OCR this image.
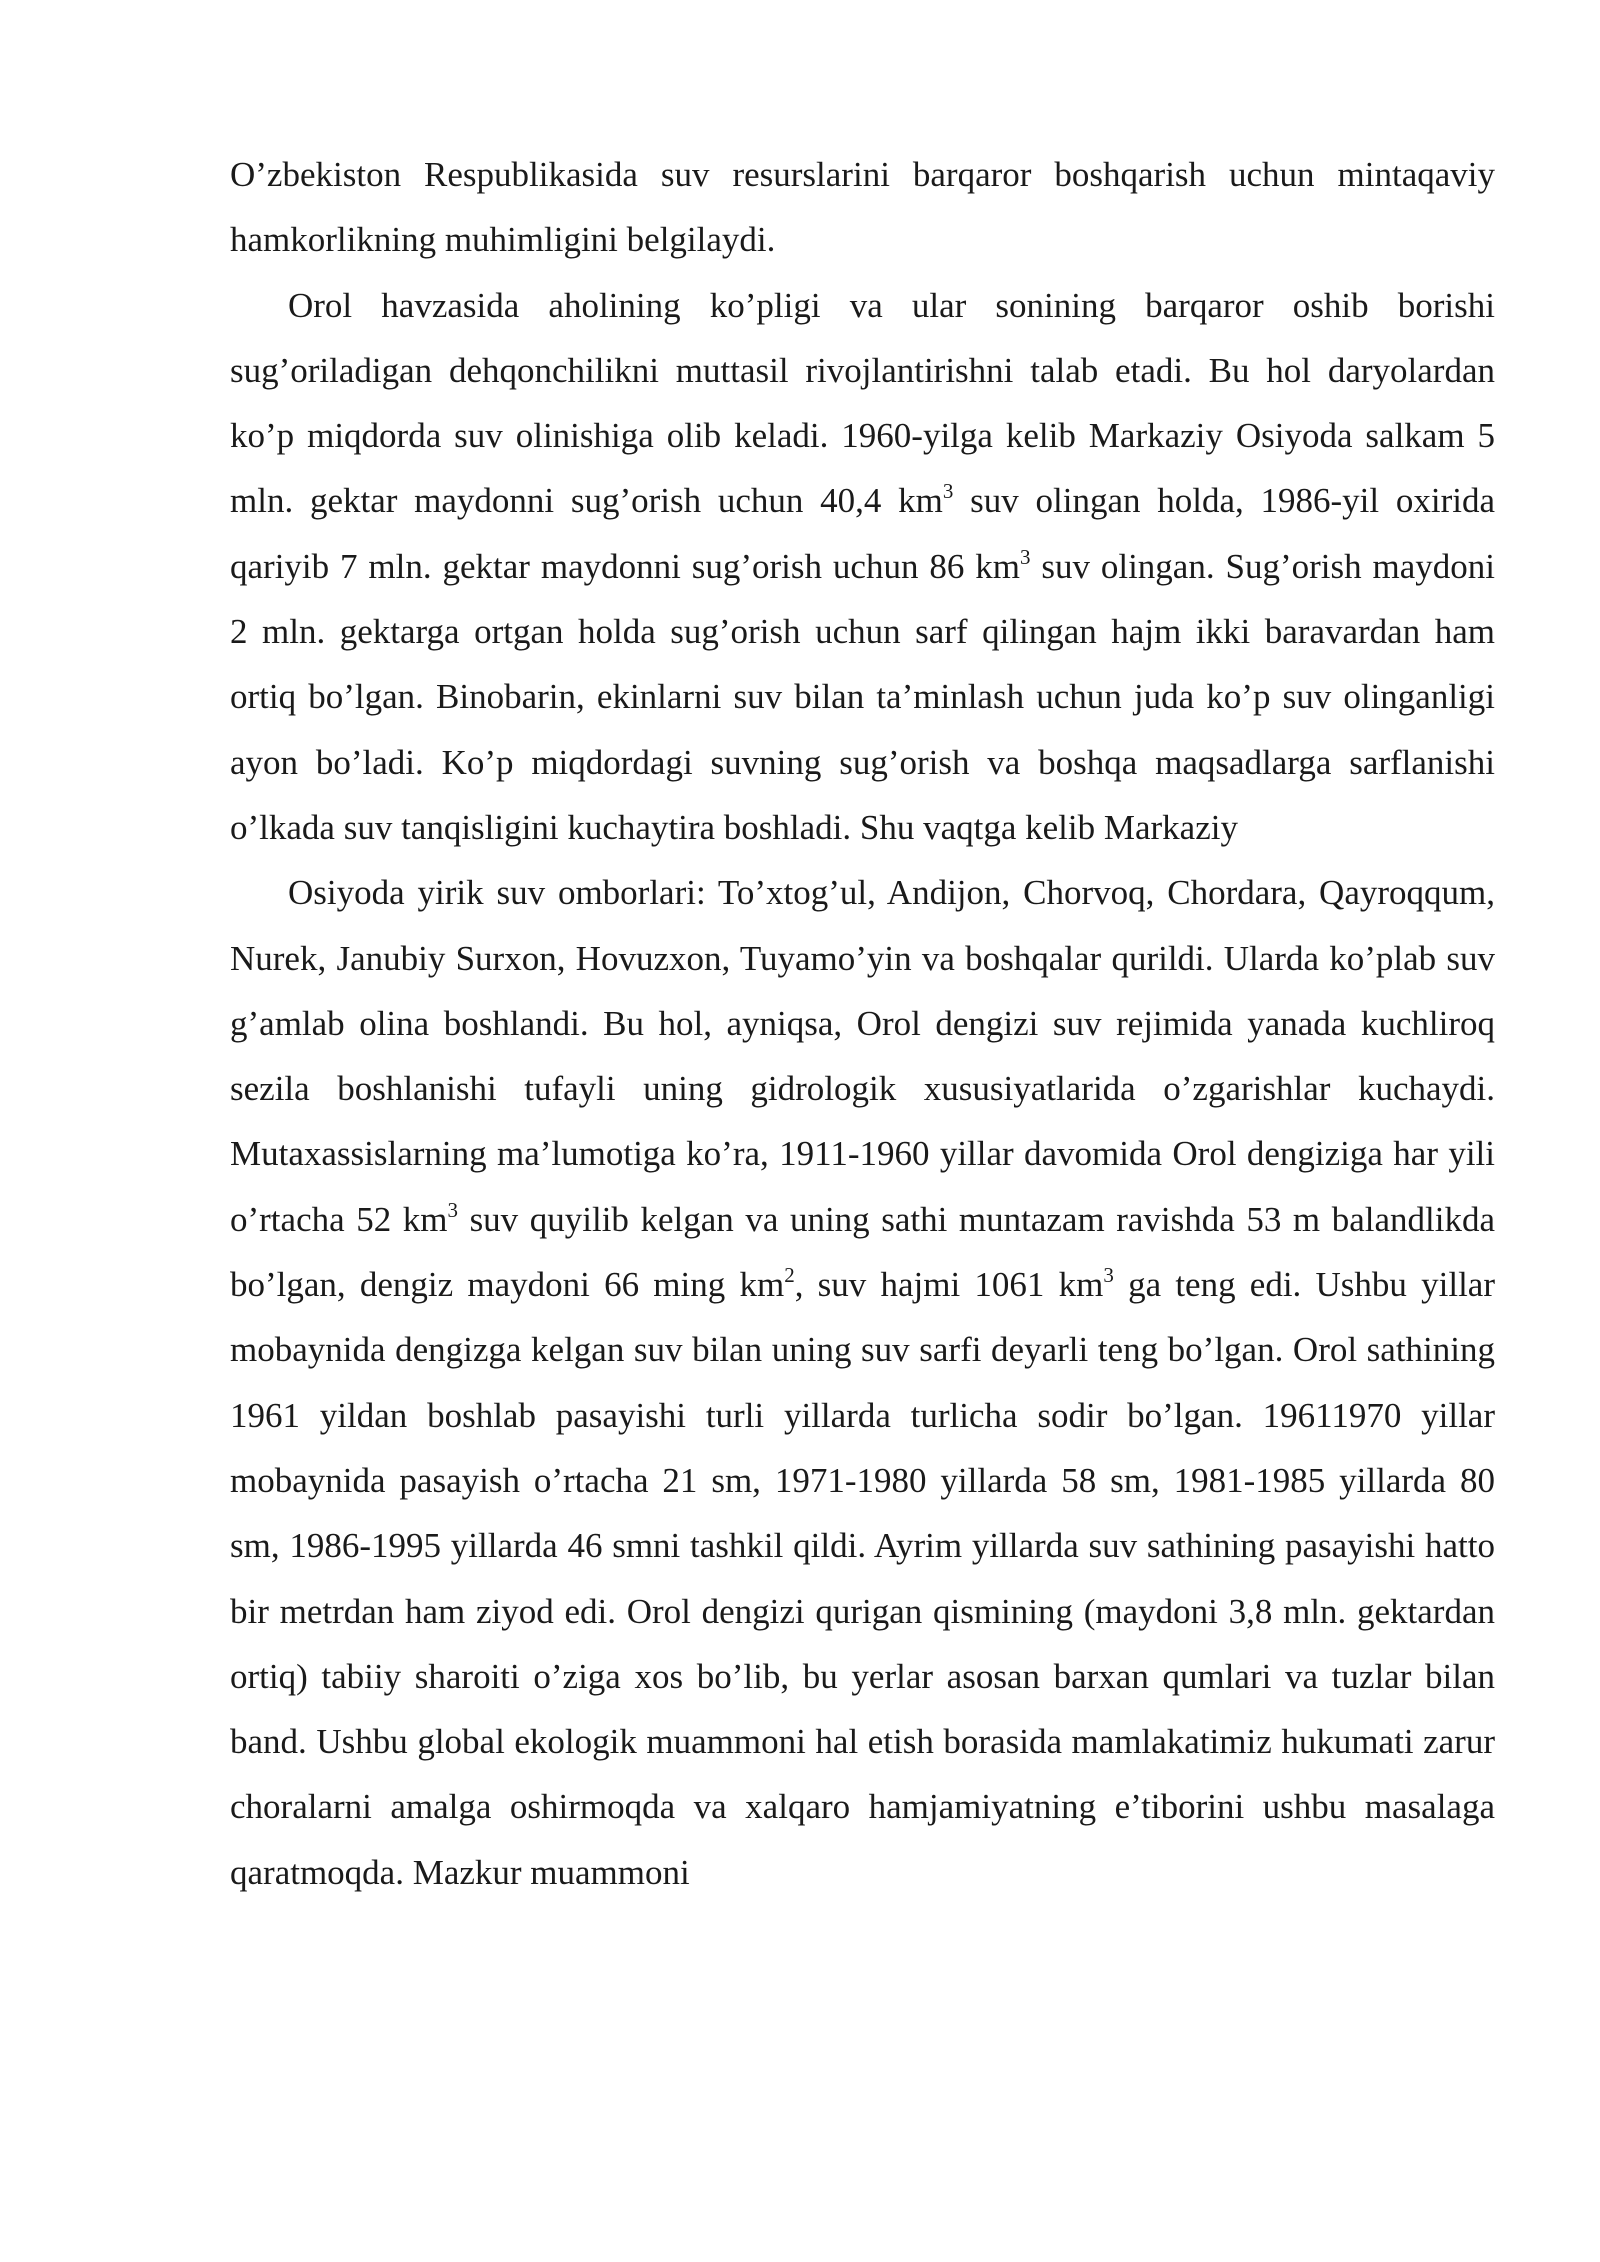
O’zbekiston Respublikasida suv resurslarini barqaror boshqarish uchun mintaqaviy hamkorlikning muhimligini belgilaydi.

Orol havzasida aholining ko’pligi va ular sonining barqaror oshib borishi sug’oriladigan dehqonchilikni muttasil rivojlantirishni talab etadi. Bu hol daryolardan ko’p miqdorda suv olinishiga olib keladi. 1960-yilga kelib Markaziy Osiyoda salkam 5 mln. gektar maydonni sug’orish uchun 40,4 $km^3$ suv olingan holda, 1986-yil oxirida qariyib 7 mln. gektar maydonni sug’orish uchun 86 $km^3$ suv olingan. Sug’orish maydoni 2 mln. gektarga ortgan holda sug’orish uchun sarf qilingan hajm ikki baravardan ham ortiq bo’lgan. Binobarin, ekinlarni suv bilan ta’minlash uchun juda ko’p suv olinganligi ayon bo’ladi. Ko’p miqdordagi suvning sug’orish va boshqa maqsadlarga sarflanishi o’lkada suv tanqisligini kuchaytira boshladi. Shu vaqtga kelib Markaziy

Osiyoda yirik suv omborlari: To’xtog’ul, Andijon, Chorvoq, Chordara, Qayroqqum, Nurek, Janubiy Surxon, Hovuzxon, Tuyamo’yin va boshqalar qurildi. Ularda ko’plab suv g’amlab olina boshlandi. Bu hol, ayniqsa, Orol dengizi suv rejimida yanada kuchliroq sezila boshlanishi tufayli uning gidrologik xususiyatlarida o’zgarishlar kuchaydi. Mutaxassislarning ma’lumotiga ko’ra, 1911-1960 yillar davomida Orol dengiziga har yili o’rtacha 52 $km^3$ suv quyilib kelgan va uning sathi muntazam ravishda 53 m balandlikda bo’lgan, dengiz maydoni 66 ming $km^2$, suv hajmi 1061 $km^3$ ga teng edi. Ushbu yillar mobaynida dengizga kelgan suv bilan uning suv sarfi deyarli teng bo’lgan. Orol sathining 1961 yildan boshlab pasayishi turli yillarda turlicha sodir bo’lgan. 19611970 yillar mobaynida pasayish o’rtacha 21 sm, 1971-1980 yillarda 58 sm, 1981-1985 yillarda 80 sm, 1986-1995 yillarda 46 smni tashkil qildi. Ayrim yillarda suv sathining pasayishi hatto bir metrdan ham ziyod edi. Orol dengizi qurigan qismining (maydoni 3,8 mln. gektardan ortiq) tabiiy sharoiti o’ziga xos bo’lib, bu yerlar asosan barxan qumlari va tuzlar bilan band. Ushbu global ekologik muammoni hal etish borasida mamlakatimiz hukumati zarur choralarni amalga oshirmoqda va xalqaro hamjamiyatning e’tiborini ushbu masalaga qaratmoqda. Mazkur muammoni
